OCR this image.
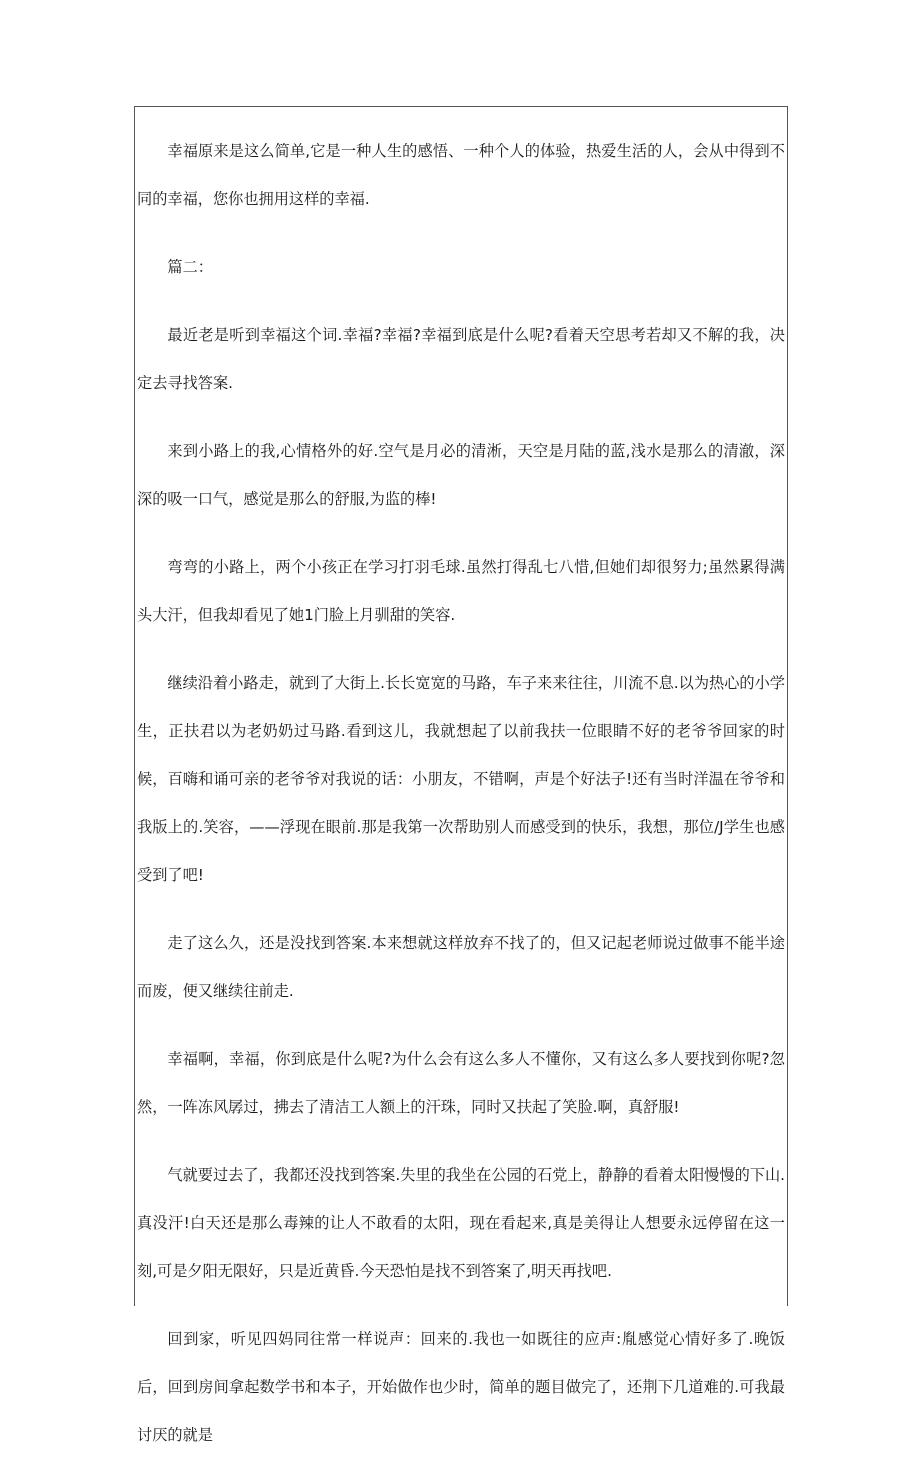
幸福原来是这么简单,它是一种人生的感悟、一种个人的体验，热爱生活的人，会从中得到不同的幸福，您你也拥用这样的幸福.

篇二：

最近老是听到幸福这个词.幸福?幸福?幸福到底是什么呢?看着天空思考若却又不解的我，决定去寻找答案.

来到小路上的我,心情格外的好.空气是月必的清淅，天空是月陆的蓝,浅水是那么的清澈，深深的吸一口气，感觉是那么的舒服,为监的棒!

弯弯的小路上，两个小孩正在学习打羽毛球.虽然打得乱七八惜,但她们却很努力;虽然累得满头大汗，但我却看见了她1门脸上月驯甜的笑容.

继续沿着小路走，就到了大街上.长长宽宽的马路，车子来来往往，川流不息.以为热心的小学生，正扶君以为老奶奶过马路.看到这儿，我就想起了以前我扶一位眼睛不好的老爷爷回家的时候，百嗨和诵可亲的老爷爷对我说的话：小朋友，不错啊，声是个好法子!还有当时洋温在爷爷和我版上的.笑容，——浮现在眼前.那是我第一次帮助别人而感受到的快乐，我想，那位/J学生也感受到了吧!

走了这么久，还是没找到答案.本来想就这样放弃不找了的，但又记起老师说过做事不能半途而废，便又继续往前走.

幸福啊，幸福，你到底是什么呢?为什么会有这么多人不懂你，又有这么多人要找到你呢?忽然，一阵冻风孱过，拂去了清洁工人额上的汗珠，同时又扶起了笑脸.啊，真舒服!

气就要过去了，我都还没找到答案.失里的我坐在公园的石党上，静静的看着太阳慢慢的下山.真没汗!白天还是那么毒辣的让人不敢看的太阳，现在看起来,真是美得让人想要永远停留在这一刻,可是夕阳无限好，只是近黄昏.今天恐怕是找不到答案了,明天再找吧.

回到家，听见四妈同往常一样说声：回来的.我也一如既往的应声:胤感觉心情好多了.晚饭后，回到房间拿起数学书和本子，开始做作也少时，简单的题目做完了，还荆下几道难的.可我最讨厌的就是
